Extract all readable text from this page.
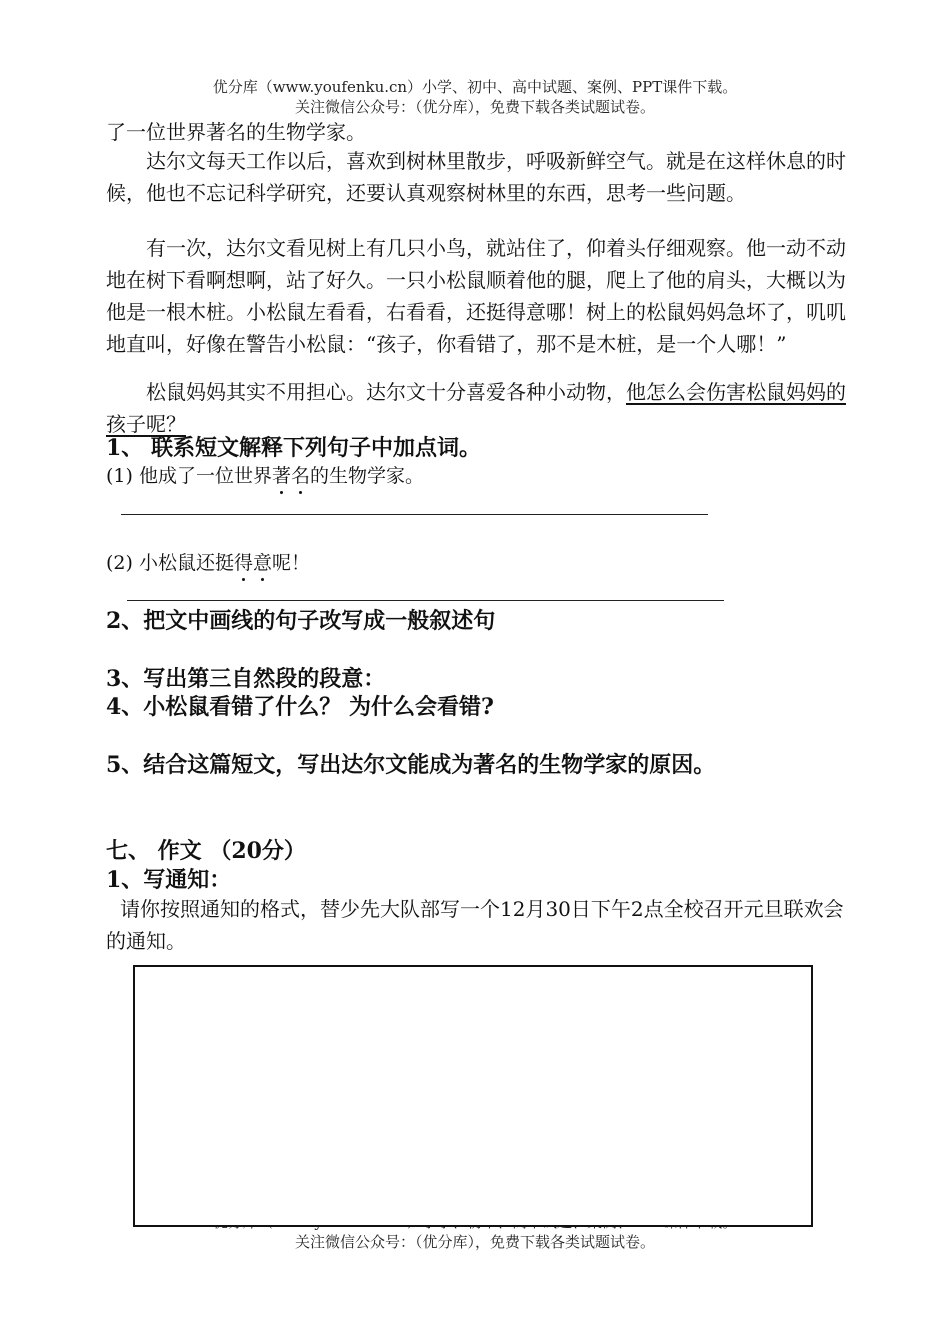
优分库（www.youfenku.cn）小学、初中、高中试题、案例、PPT课件下载。
关注微信公众号：（优分库），免费下载各类试题试卷。

了一位世界著名的生物学家。

达尔文每天工作以后，喜欢到树林里散步，呼吸新鲜空气。就是在这样休息的时候，他也不忘记科学研究，还要认真观察树林里的东西，思考一些问题。

有一次，达尔文看见树上有几只小鸟，就站住了，仰着头仔细观察。他一动不动地在树下看啊想啊，站了好久。一只小松鼠顺着他的腿，爬上了他的肩头，大概以为他是一根木桩。小松鼠左看看，右看看，还挺得意哪！树上的松鼠妈妈急坏了，叽叽地直叫，好像在警告小松鼠：“孩子，你看错了，那不是木桩，是一个人哪！”

松鼠妈妈其实不用担心。达尔文十分喜爱各种小动物，他怎么会伤害松鼠妈妈的孩子呢？

1、 联系短文解释下列句子中加点词。
(1) 他成了一位世界著名的生物学家。
(2) 小松鼠还挺得意呢！
2、把文中画线的句子改写成一般叙述句
3、写出第三自然段的段意：
4、小松鼠看错了什么？ 为什么会看错?
5、结合这篇短文，写出达尔文能成为著名的生物学家的原因。
七、 作文 （20分）
1、写通知：

请你按照通知的格式，替少先大队部写一个12月30日下午2点全校召开元旦联欢会的通知。

关注微信公众号：（优分库），免费下载各类试题试卷。
